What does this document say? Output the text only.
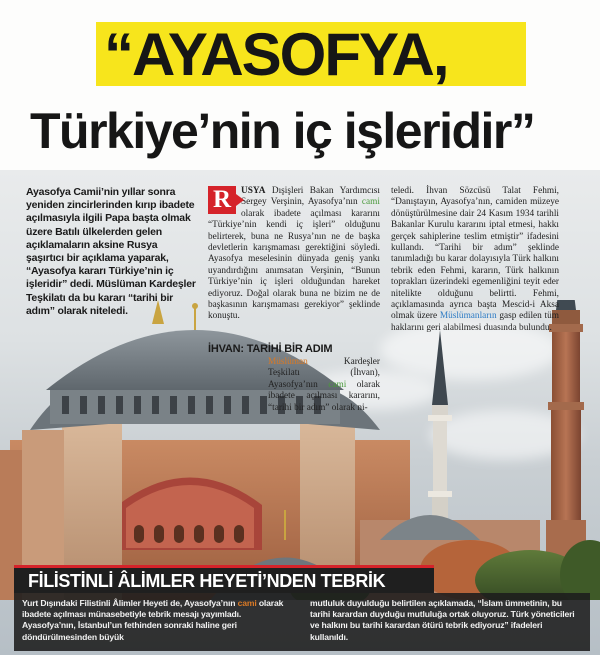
“AYASOFYA,
Türkiye’nin iç işleridir”
Ayasofya Camii’nin yıllar sonra yeniden zincirlerinden kırıp ibadete açılmasıyla ilgili Papa başta olmak üzere Batılı ülkelerden gelen açıklamaların aksine Rusya şaşırtıcı bir açıklama yaparak, “Ayasofya kararı Türkiye’nin iç işleridir” dedi. Müslüman Kardeşler Teşkilatı da bu kararı “tarihi bir adım” olarak niteledi.
R	USYA Dışişleri Bakan Yardımcısı Sergey Verşinin, Ayasofya’nın cami olarak ibadete açılması kararını “Türkiye’nin kendi iç işleri” olduğunu belirterek, buna ne Rusya’nın ne de başka devletlerin karışmaması gerektiğini söyledi. Ayasofya meselesinin dünyada geniş yankı uyandırdığını anımsatan Verşinin, “Bunun Türkiye’nin iç işleri olduğundan hareket ediyoruz. Doğal olarak buna ne bizim ne de başkasının karışmaması gerekiyor” şeklinde konuştu.
teledi. İhvan Sözcüsü Talat Fehmi, “Danıştayın, Ayasofya’nın, camiden müzeye dönüştürülmesine dair 24 Kasım 1934 tarihli Bakanlar Kurulu kararını iptal etmesi, hakkı gerçek sahiplerine teslim etmiştir” ifadesini kullandı. “Tarihi bir adım” şeklinde tanımladığı bu karar dolayısıyla Türk halkını tebrik eden Fehmi, kararın, Türk halkının toprakları üzerindeki egemenliğini teyit eder nitelikte olduğunu belirtti. Fehmi, açıklamasında ayrıca başta Mescid-i Aksa olmak üzere Müslümanların gasp edilen tüm haklarını geri alabilmesi duasında bulundu.
İHVAN: TARİHİ BİR ADIM
Müslüman Kardeşler Teşkilatı (İhvan), Ayasofya’nın cami olarak ibadete açılması kararını, “tarihi bir adım” olarak ni-
FİLİSTİNLİ ÂLİMLER HEYETİ’NDEN TEBRİK
Yurt Dışındaki Filistinli Âlimler Heyeti de, Ayasofya’nın cami olarak ibadete açılması münasebetiyle tebrik mesajı yayımladı. Ayasofya’nın, İstanbul’un fethinden sonraki haline geri döndürülmesinden büyük
mutluluk duyulduğu belirtilen açıklamada, “İslam ümmetinin, bu tarihi karardan duyduğu mutluluğa ortak oluyoruz. Türk yöneticileri ve halkını bu tarihi karardan ötürü tebrik ediyoruz” ifadeleri kullanıldı.
